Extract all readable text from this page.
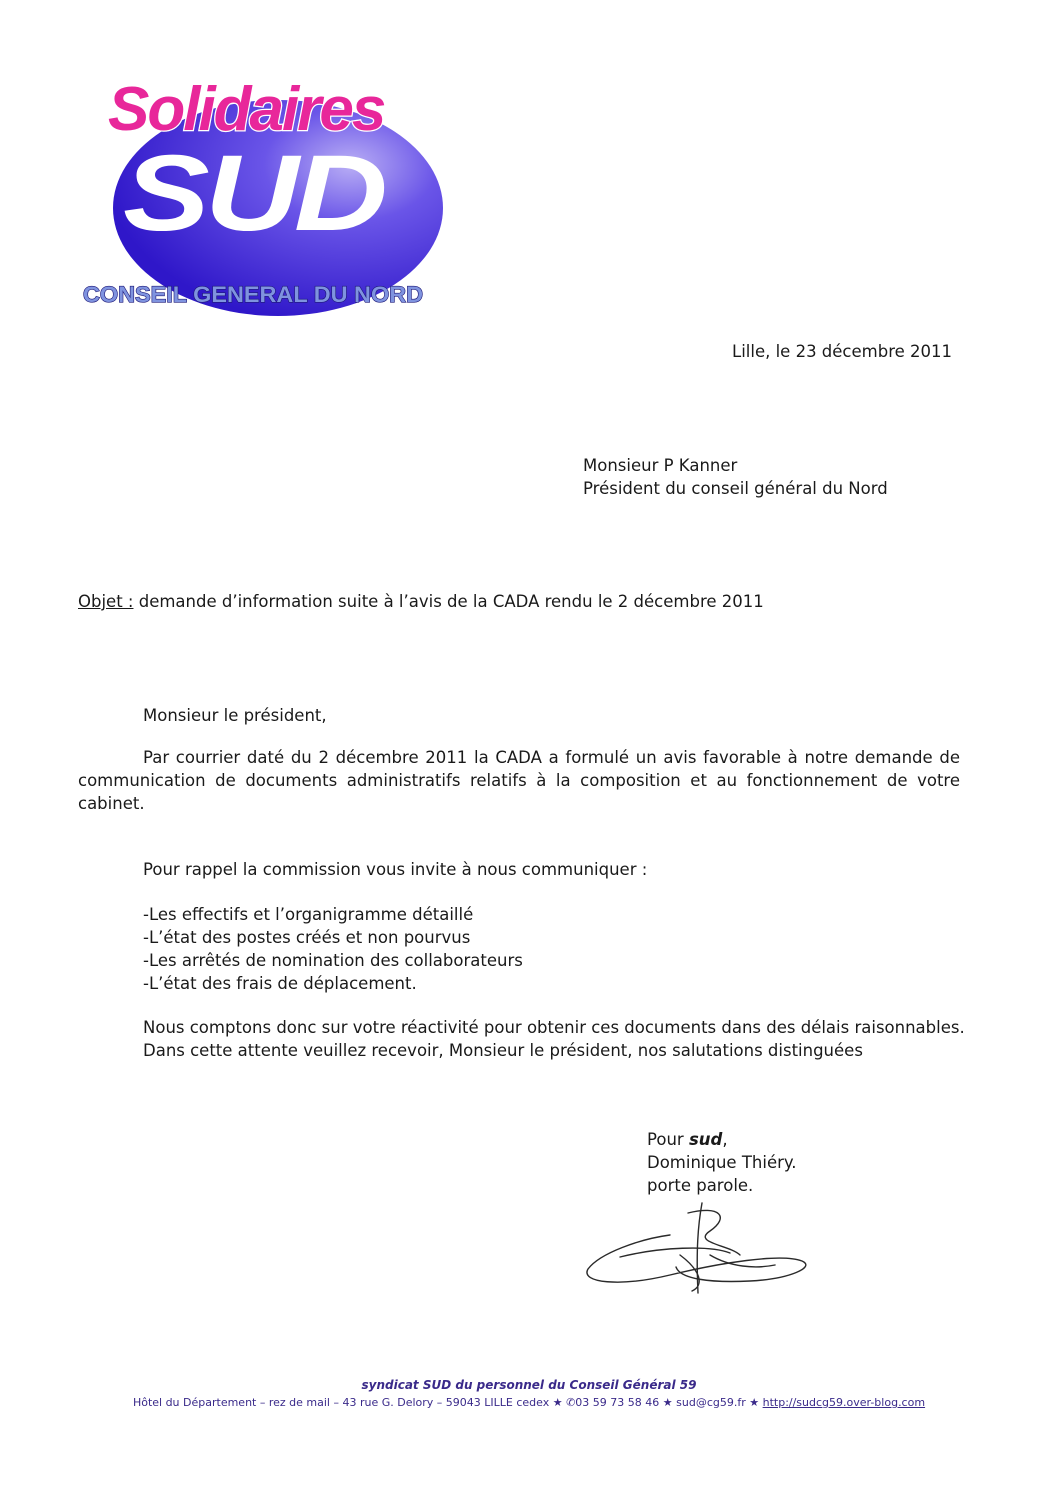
Solidaires
SUD
CONSEIL GENERAL DU NORD
Lille, le 23 décembre 2011
Monsieur P Kanner
Président du conseil général du Nord
Objet : demande d’information suite à l’avis de la CADA rendu le 2 décembre 2011
Monsieur le président,
Par courrier daté du 2 décembre 2011 la CADA a formulé un avis favorable à notre demande de
communication de documents administratifs relatifs à la composition et au fonctionnement de votre
cabinet.
Pour rappel la commission vous invite à nous communiquer :
-Les effectifs et l’organigramme détaillé
-L’état des postes créés et non pourvus
-Les arrêtés de nomination des collaborateurs
-L’état des frais de déplacement.
Nous comptons donc sur votre réactivité pour obtenir ces documents dans des délais raisonnables.
Dans cette attente veuillez recevoir, Monsieur le président, nos salutations distinguées
Pour sud,
Dominique Thiéry.
porte parole.
syndicat SUD du personnel du Conseil Général 59
Hôtel du Département – rez de mail – 43 rue G. Delory – 59043 LILLE cedex ★ ✆03 59 73 58 46 ★ sud@cg59.fr ★ http://sudcg59.over-blog.com
